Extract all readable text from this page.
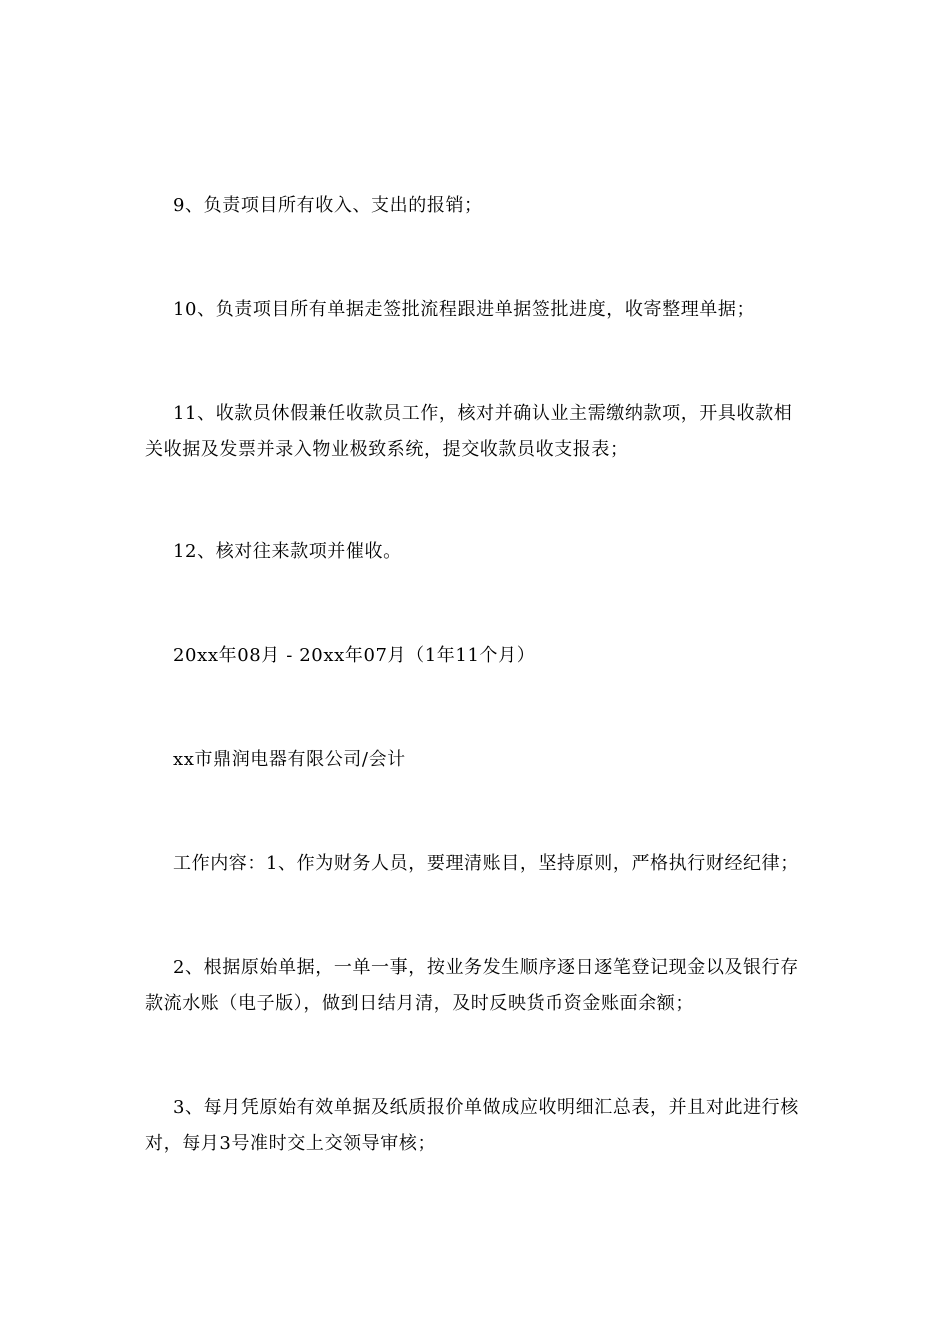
9、负责项目所有收入、支出的报销；

10、负责项目所有单据走签批流程跟进单据签批进度，收寄整理单据；

11、收款员休假兼任收款员工作，核对并确认业主需缴纳款项，开具收款相关收据及发票并录入物业极致系统，提交收款员收支报表；

12、核对往来款项并催收。

20xx年08月 - 20xx年07月（1年11个月）

xx市鼎润电器有限公司/会计

工作内容：1、作为财务人员，要理清账目，坚持原则，严格执行财经纪律；

2、根据原始单据，一单一事，按业务发生顺序逐日逐笔登记现金以及银行存款流水账（电子版），做到日结月清，及时反映货币资金账面余额；

3、每月凭原始有效单据及纸质报价单做成应收明细汇总表，并且对此进行核对，每月3号准时交上交领导审核；
